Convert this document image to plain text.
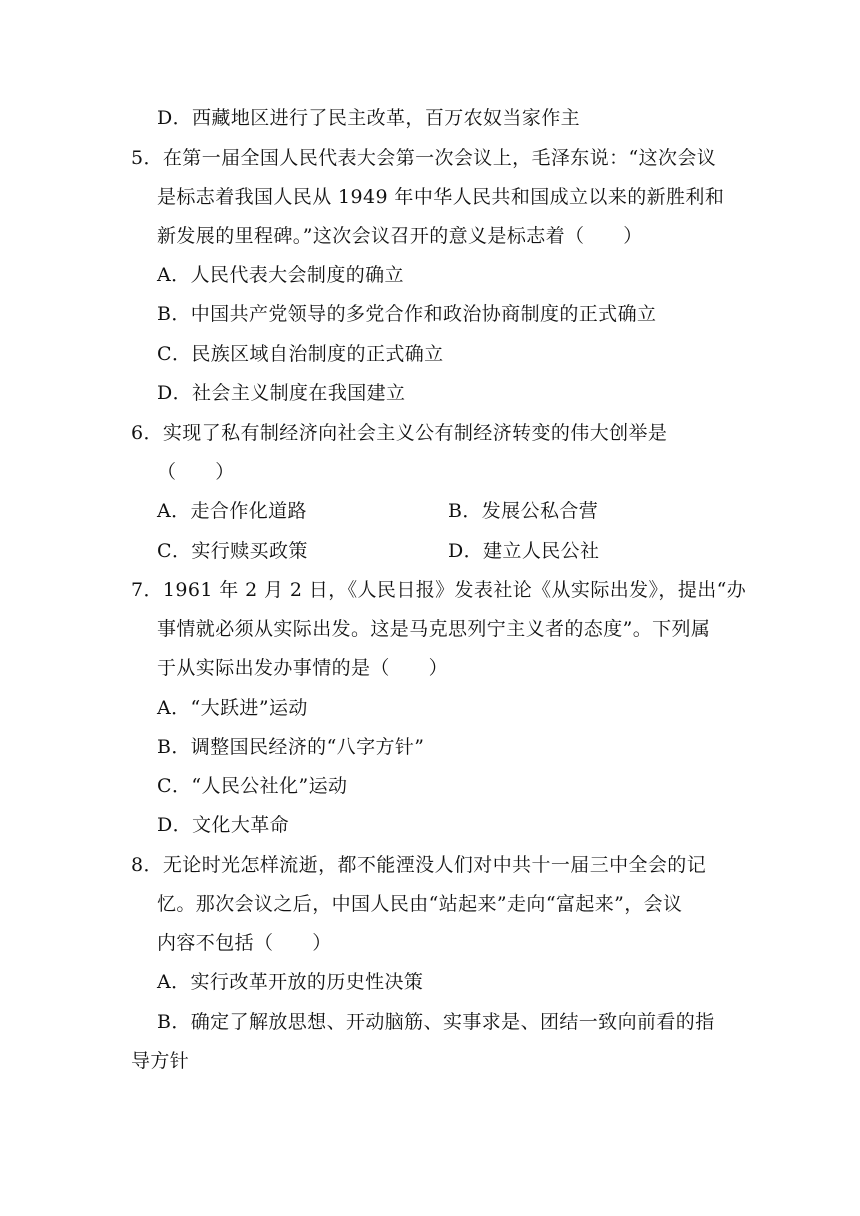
D．西藏地区进行了民主改革，百万农奴当家作主
5．在第一届全国人民代表大会第一次会议上，毛泽东说：“这次会议
是标志着我国人民从 1949 年中华人民共和国成立以来的新胜利和
新发展的里程碑。”这次会议召开的意义是标志着（　　）
A．人民代表大会制度的确立
B．中国共产党领导的多党合作和政治协商制度的正式确立
C．民族区域自治制度的正式确立
D．社会主义制度在我国建立
6．实现了私有制经济向社会主义公有制经济转变的伟大创举是
（　　）
A．走合作化道路	B．发展公私合营
C．实行赎买政策	D．建立人民公社
7．1961 年 2 月 2 日，《人民日报》发表社论《从实际出发》，提出“办
事情就必须从实际出发。这是马克思列宁主义者的态度”。下列属
于从实际出发办事情的是（　　）
A．“大跃进”运动
B．调整国民经济的“八字方针”
C．“人民公社化”运动
D．文化大革命
8．无论时光怎样流逝，都不能湮没人们对中共十一届三中全会的记
忆。那次会议之后，中国人民由“站起来”走向“富起来”，会议
内容不包括（　　）
A．实行改革开放的历史性决策
B．确定了解放思想、开动脑筋、实事求是、团结一致向前看的指
导方针
